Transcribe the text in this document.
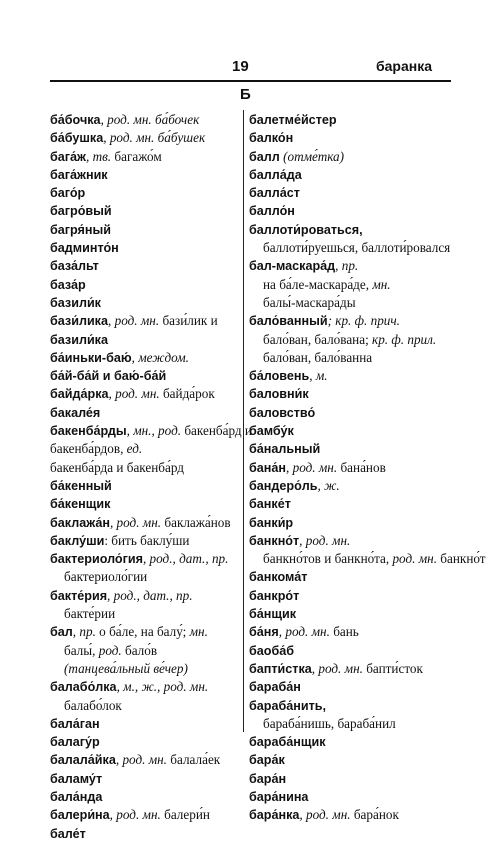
19	баранка
Б
ба́бочка, род. мн. ба́бочек
ба́бушка, род. мн. ба́бушек
бага́ж, тв. багажо́м
бага́жник
баго́р
багро́вый
багря́ный
бадминто́н
база́льт
база́р
базили́к
бази́лика, род. мн. бази́лик и
базили́ка
ба́иньки-баю́, междом.
ба́й-ба́й и баю́-ба́й
байда́рка, род. мн. байда́рок
бакале́я
бакенба́рды, мн., род. бакенба́рд и
бакенба́рдов, ед.
бакенба́рда и бакенба́рд
ба́кенный
ба́кенщик
баклажа́н, род. мн. баклажа́нов
баклу́ши: бить баклу́ши
бактериоло́гия, род., дат., пр.
бактериоло́гии
бакте́рия, род., дат., пр.
бакте́рии
бал, пр. о ба́ле, на балу́; мн.
балы́, род. бало́в
(танцева́льный ве́чер)
балабо́лка, м., ж., род. мн.
балабо́лок
бала́ган
балагу́р
балала́йка, род. мн. балала́ек
баламу́т
бала́нда
балери́на, род. мн. балери́н
бале́т
балетме́йстер
балко́н
балл (отме́тка)
балла́да
балла́ст
балло́н
баллоти́роваться,
баллоти́руешься, баллоти́ровался
бал-маскара́д, пр.
на ба́ле-маскара́де, мн.
балы́-маскара́ды
бало́ванный; кр. ф. прич.
бало́ван, бало́вана; кр. ф. прил.
бало́ван, бало́ванна
ба́ловень, м.
баловни́к
баловство́
бамбу́к
ба́нальный
бана́н, род. мн. бана́нов
бандеро́ль, ж.
банке́т
банки́р
банкно́т, род. мн.
банкно́тов и банкно́та, род. мн. банкно́т
банкома́т
банкро́т
ба́нщик
ба́ня, род. мн. бань
баоба́б
бапти́стка, род. мн. бапти́сток
бараба́н
бараба́нить,
бараба́нишь, бараба́нил
бараба́нщик
бара́к
бара́н
бара́нина
бара́нка, род. мн. бара́нок
